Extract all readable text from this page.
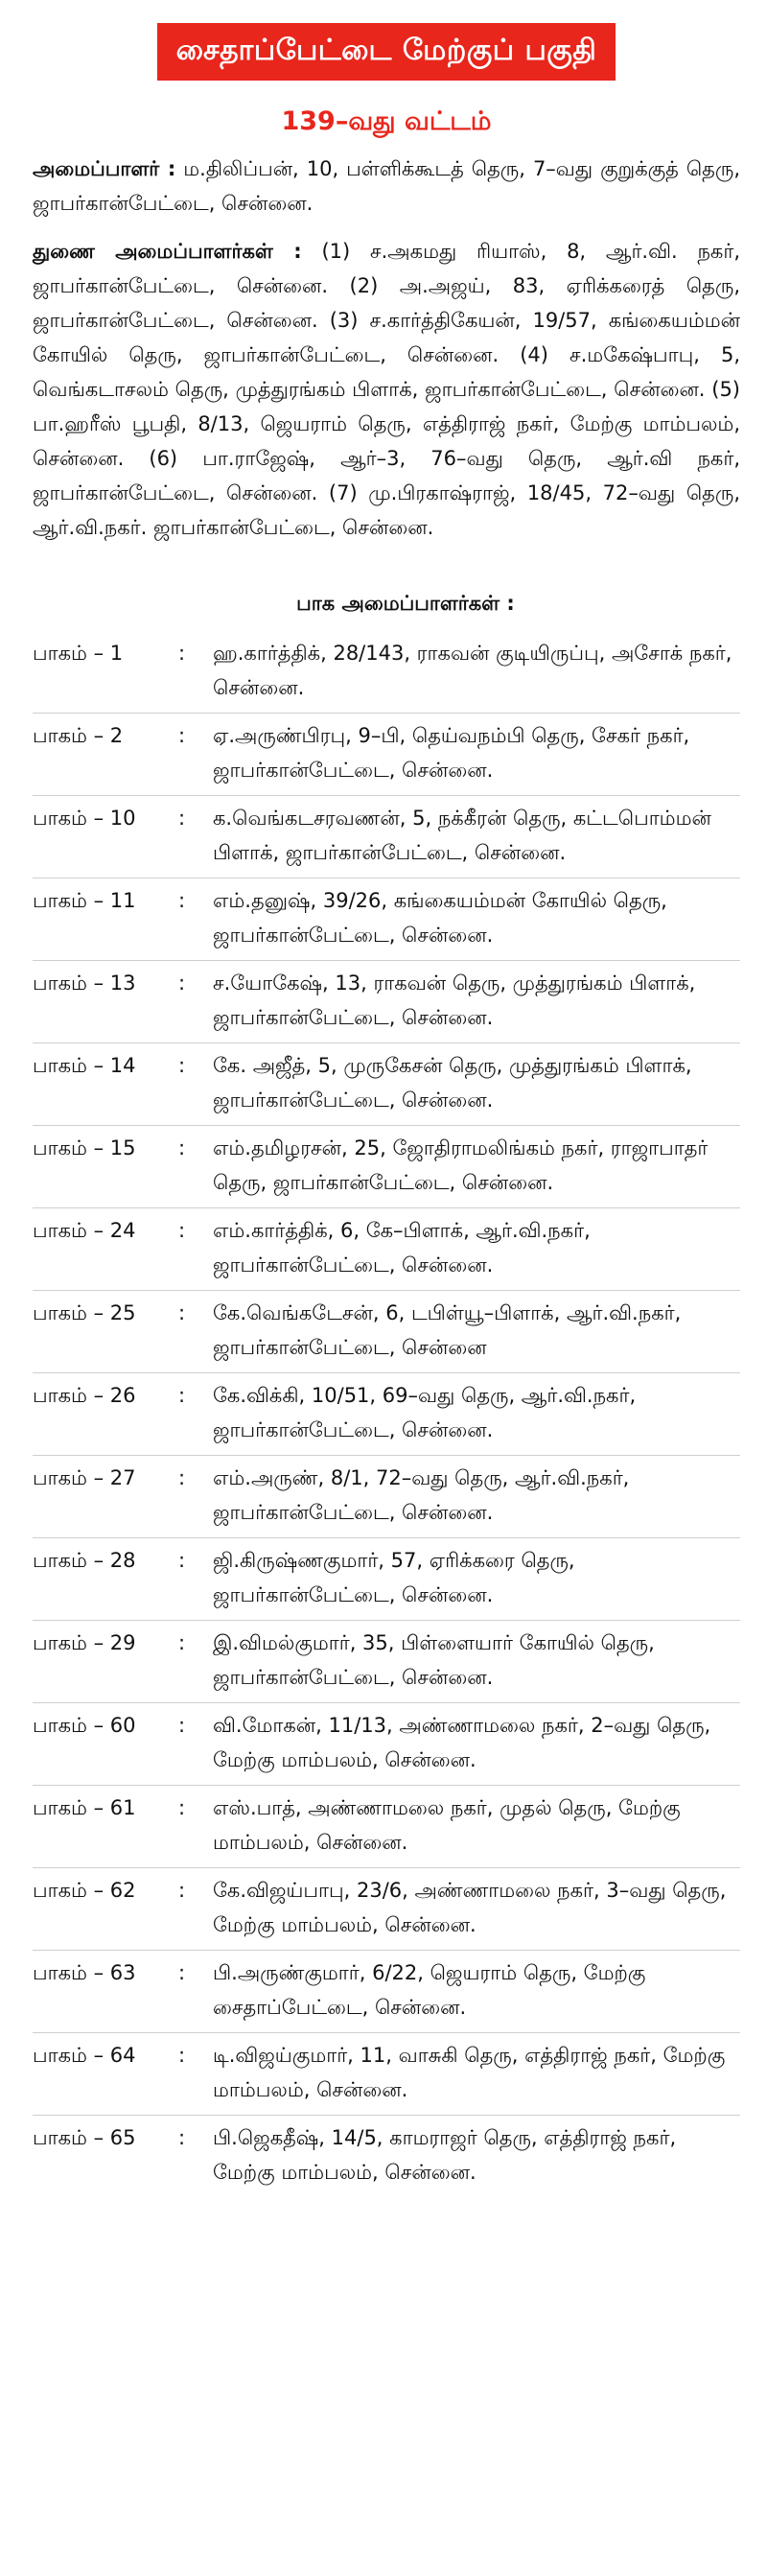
சைதாப்பேட்டை மேற்குப் பகுதி
139–வது வட்டம்

அமைப்பாளர் : ம.திலிப்பன், 10, பள்ளிக்கூடத் தெரு, 7–வது குறுக்குத் தெரு, ஜாபர்கான்பேட்டை, சென்னை.

துணை அமைப்பாளர்கள் : (1) ச.அகமது ரியாஸ், 8, ஆர்.வி. நகர், ஜாபர்கான்பேட்டை, சென்னை. (2) அ.அஜய், 83, ஏரிக்கரைத் தெரு, ஜாபர்கான்பேட்டை, சென்னை. (3) ச.கார்த்திகேயன், 19/57, கங்கையம்மன் கோயில் தெரு, ஜாபர்கான்பேட்டை, சென்னை. (4) ச.மகேஷ்பாபு, 5, வெங்கடாசலம் தெரு, முத்துரங்கம் பிளாக், ஜாபர்கான்பேட்டை, சென்னை. (5) பா.ஹரீஸ் பூபதி, 8/13, ஜெயராம் தெரு, எத்திராஜ் நகர், மேற்கு மாம்பலம், சென்னை. (6) பா.ராஜேஷ், ஆர்–3, 76–வது தெரு, ஆர்.வி நகர், ஜாபர்கான்பேட்டை, சென்னை. (7) மு.பிரகாஷ்ராஜ், 18/45, 72–வது தெரு, ஆர்.வி.நகர். ஜாபர்கான்பேட்டை, சென்னை.

பாக அமைப்பாளர்கள் :
பாகம் – 1	:	ஹ.கார்த்திக், 28/143, ராகவன் குடியிருப்பு, அசோக் நகர், சென்னை.
பாகம் – 2	:	ஏ.அருண்பிரபு, 9–பி, தெய்வநம்பி தெரு, சேகர் நகர், ஜாபர்கான்பேட்டை, சென்னை.
பாகம் – 10	:	க.வெங்கடசரவணன், 5, நக்கீரன் தெரு, கட்டபொம்மன் பிளாக், ஜாபர்கான்பேட்டை, சென்னை.
பாகம் – 11	:	எம்.தனுஷ், 39/26, கங்கையம்மன் கோயில் தெரு, ஜாபர்கான்பேட்டை, சென்னை.
பாகம் – 13	:	ச.யோகேஷ், 13, ராகவன் தெரு, முத்துரங்கம் பிளாக், ஜாபர்கான்பேட்டை, சென்னை.
பாகம் – 14	:	கே. அஜீத், 5, முருகேசன் தெரு, முத்துரங்கம் பிளாக், ஜாபர்கான்பேட்டை, சென்னை.
பாகம் – 15	:	எம்.தமிழரசன், 25, ஜோதிராமலிங்கம் நகர், ராஜாபாதர் தெரு, ஜாபர்கான்பேட்டை, சென்னை.
பாகம் – 24	:	எம்.கார்த்திக், 6, கே–பிளாக், ஆர்.வி.நகர், ஜாபர்கான்பேட்டை, சென்னை.
பாகம் – 25	:	கே.வெங்கடேசன், 6, டபிள்யூ–பிளாக், ஆர்.வி.நகர், ஜாபர்கான்பேட்டை, சென்னை
பாகம் – 26	:	கே.விக்கி, 10/51, 69–வது தெரு, ஆர்.வி.நகர், ஜாபர்கான்பேட்டை, சென்னை.
பாகம் – 27	:	எம்.அருண், 8/1, 72–வது தெரு, ஆர்.வி.நகர், ஜாபர்கான்பேட்டை, சென்னை.
பாகம் – 28	:	ஜி.கிருஷ்ணகுமார், 57, ஏரிக்கரை தெரு, ஜாபர்கான்பேட்டை, சென்னை.
பாகம் – 29	:	இ.விமல்குமார், 35, பிள்ளையார் கோயில் தெரு, ஜாபர்கான்பேட்டை, சென்னை.
பாகம் – 60	:	வி.மோகன், 11/13, அண்ணாமலை நகர், 2–வது தெரு, மேற்கு மாம்பலம், சென்னை.
பாகம் – 61	:	எஸ்.பாத், அண்ணாமலை நகர், முதல் தெரு, மேற்கு மாம்பலம், சென்னை.
பாகம் – 62	:	கே.விஜய்பாபு, 23/6, அண்ணாமலை நகர், 3–வது தெரு, மேற்கு மாம்பலம், சென்னை.
பாகம் – 63	:	பி.அருண்குமார், 6/22, ஜெயராம் தெரு, மேற்கு சைதாப்பேட்டை, சென்னை.
பாகம் – 64	:	டி.விஜய்குமார், 11, வாசுகி தெரு, எத்திராஜ் நகர், மேற்கு மாம்பலம், சென்னை.
பாகம் – 65	:	பி.ஜெகதீஷ், 14/5, காமராஜர் தெரு, எத்திராஜ் நகர், மேற்கு மாம்பலம், சென்னை.
